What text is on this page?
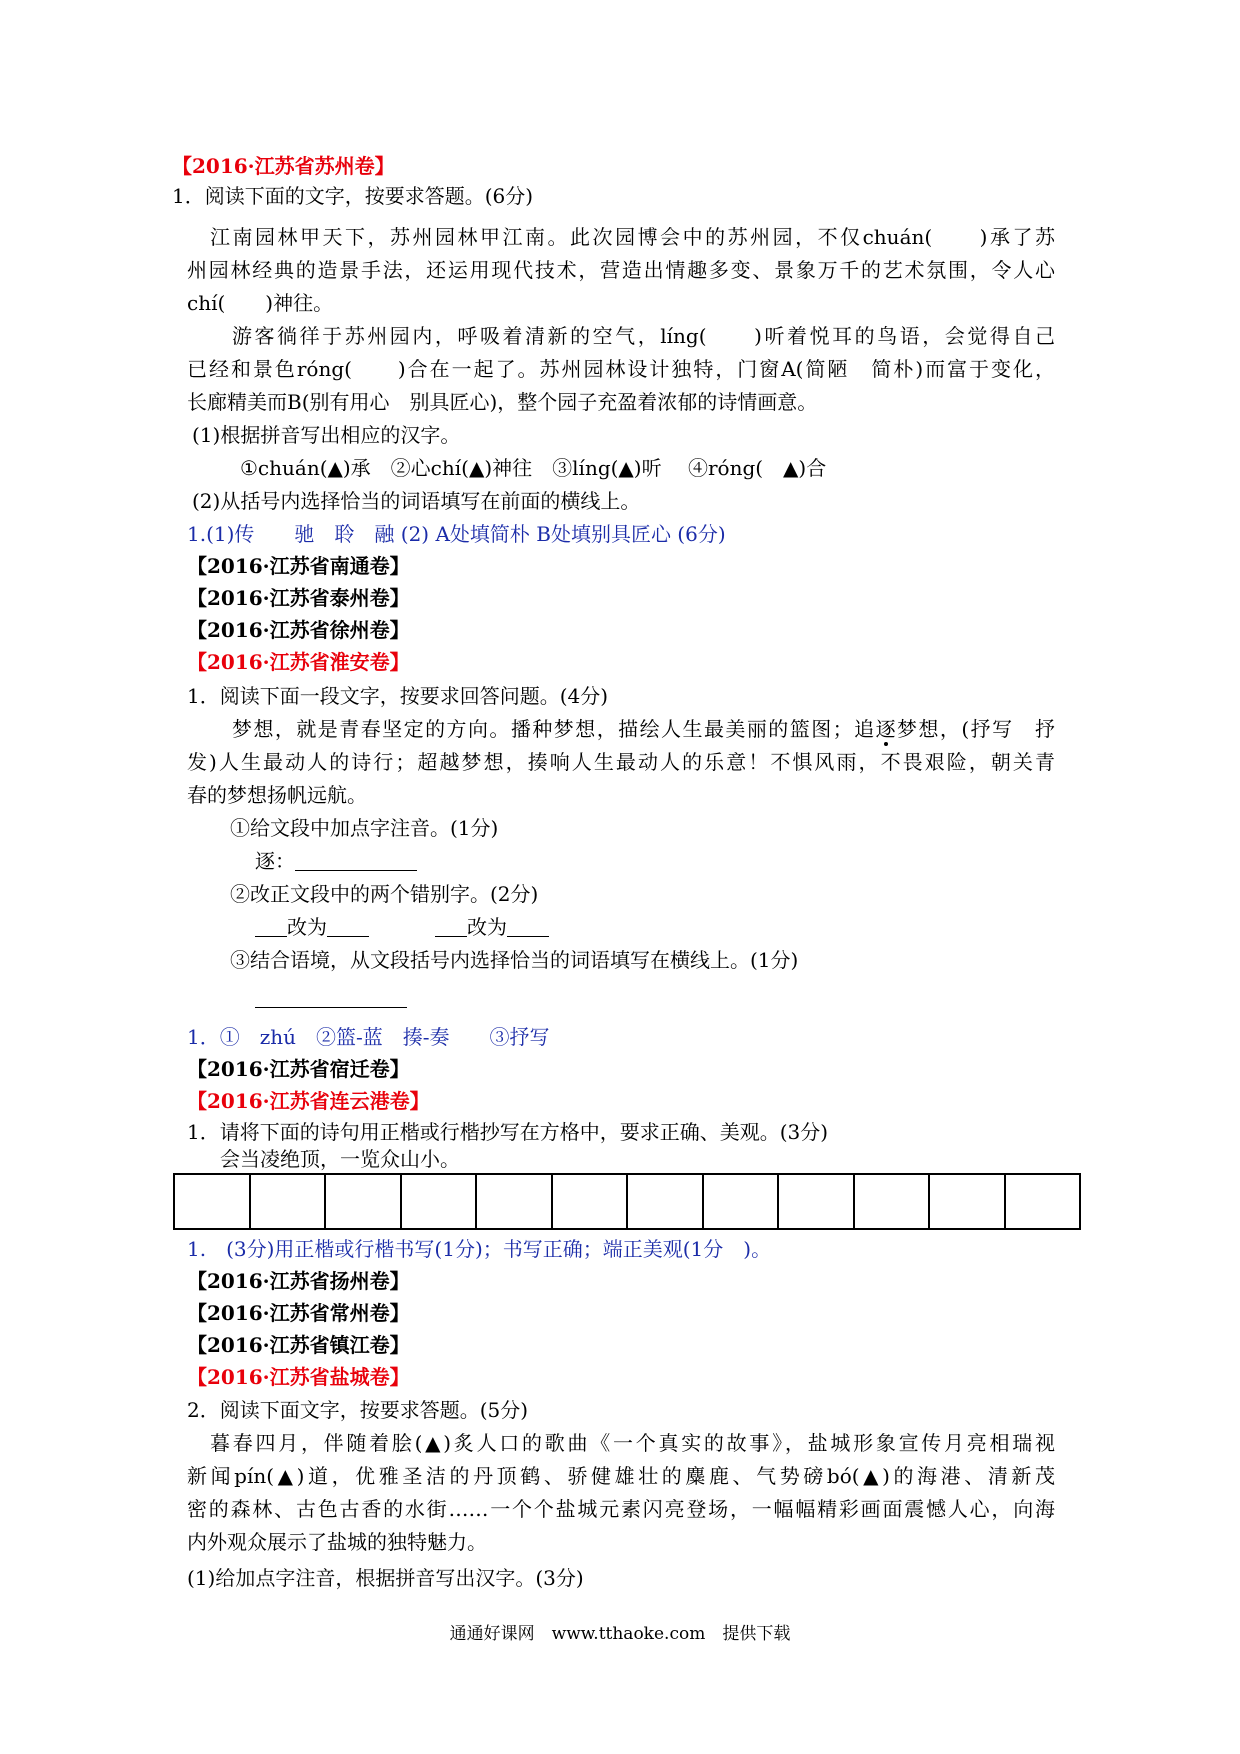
【2016·江苏省苏州卷】
1．阅读下面的文字，按要求答题。(6分)
江南园林甲天下，苏州园林甲江南。此次园博会中的苏州园，不仅chuán(　　)承了苏
州园林经典的造景手法，还运用现代技术，营造出情趣多变、景象万千的艺术氛围，令人心
chí(　　)神往。
游客徜徉于苏州园内，呼吸着清新的空气，líng(　　)听着悦耳的鸟语，会觉得自己
已经和景色róng(　　)合在一起了。苏州园林设计独特，门窗A(简陋　简朴)而富于变化，
长廊精美而B(别有用心　别具匠心)，整个园子充盈着浓郁的诗情画意。
(1)根据拼音写出相应的汉字。
①chuán(▲)承　②心chí(▲)神往　③líng(▲)听　 ④róng(　▲)合
(2)从括号内选择恰当的词语填写在前面的横线上。
1.(1)传　　驰　聆　融 (2) A处填简朴 B处填别具匠心 (6分)
【2016·江苏省南通卷】
【2016·江苏省泰州卷】
【2016·江苏省徐州卷】
【2016·江苏省淮安卷】
1．阅读下面一段文字，按要求回答问题。(4分)
梦想，就是青春坚定的方向。播种梦想，描绘人生最美丽的篮图；追逐梦想，(抒写　抒
发)人生最动人的诗行；超越梦想，揍响人生最动人的乐意！不惧风雨，不畏艰险，朝关青
春的梦想扬帆远航。
①给文段中加点字注音。(1分)
逐：
②改正文段中的两个错别字。(2分)
改为	改为
③结合语境，从文段括号内选择恰当的词语填写在横线上。(1分)
1．①　zhú　②篮-蓝　揍-奏　　③抒写
【2016·江苏省宿迁卷】
【2016·江苏省连云港卷】
1．请将下面的诗句用正楷或行楷抄写在方格中，要求正确、美观。(3分)
会当凌绝顶，一览众山小。

1.　(3分)用正楷或行楷书写(1分)；书写正确；端正美观(1分　)。
【2016·江苏省扬州卷】
【2016·江苏省常州卷】
【2016·江苏省镇江卷】
【2016·江苏省盐城卷】
2．阅读下面文字，按要求答题。(5分)
暮春四月，伴随着脍(▲)炙人口的歌曲《一个真实的故事》，盐城形象宣传月亮相瑞视
新闻pín(▲)道，优雅圣洁的丹顶鹤、骄健雄壮的麋鹿、气势磅bó(▲)的海港、清新茂
密的森林、古色古香的水街……一个个盐城元素闪亮登场，一幅幅精彩画面震憾人心，向海
内外观众展示了盐城的独特魅力。
(1)给加点字注音，根据拼音写出汉字。(3分)
通通好课网　www.tthaoke.com　提供下载
